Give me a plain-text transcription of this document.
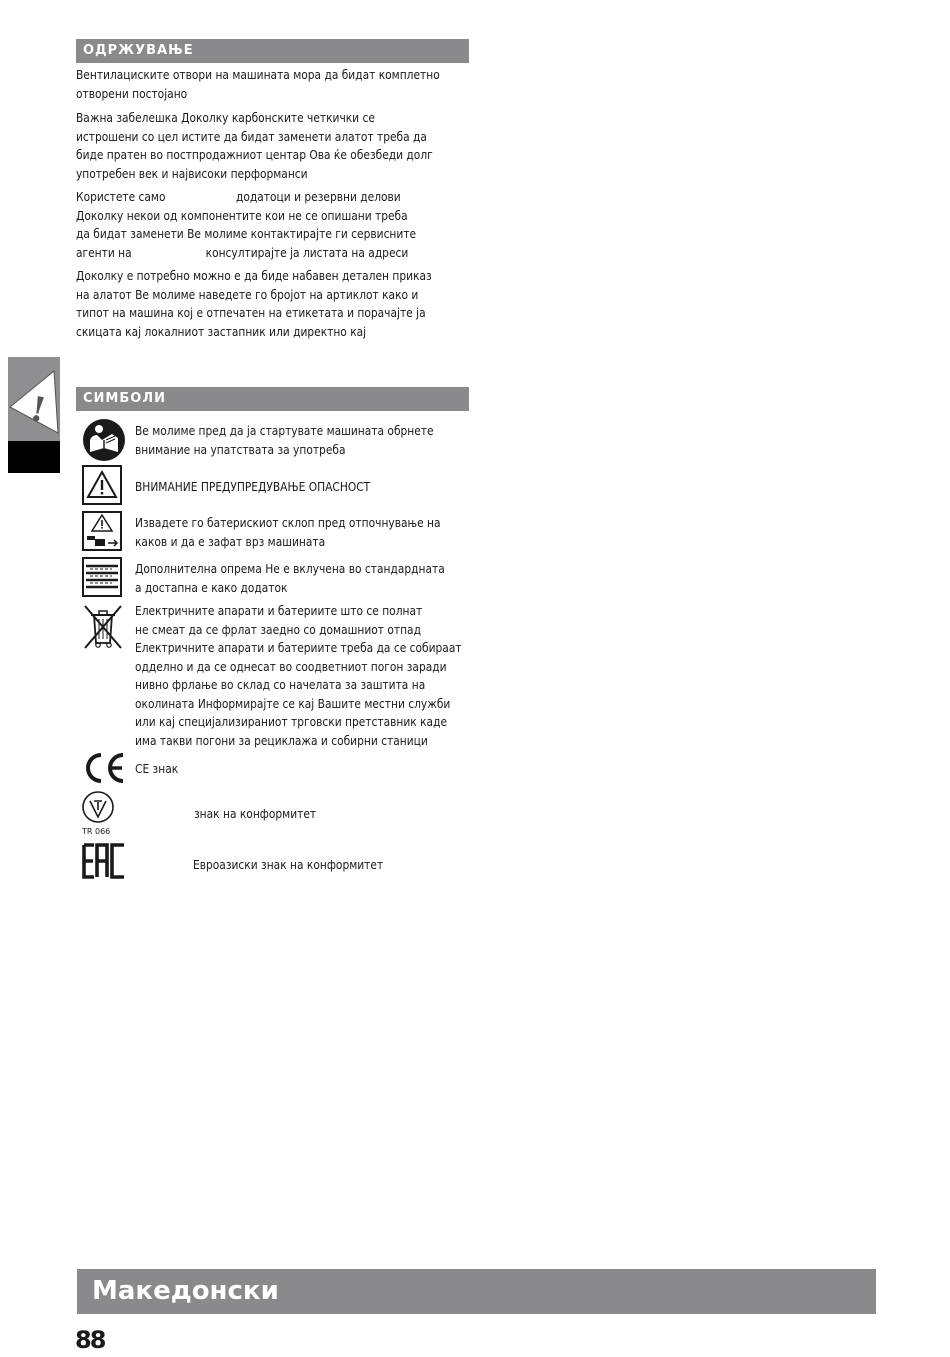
!
ОДРЖУВАЊЕ
Вентилациските отвори на машината мора да бидат комплетно
отворени постојано
Важна забелешка Доколку карбонските четкички се
истрошени со цел истите да бидат заменети алатот треба да
биде пратен во постпродажниот центар Ова ќе обезбеди долг
употребен век и највисоки перформанси
Користете само	додатоци и резервни делови
Доколку некои од компонентите кои не се опишани треба
да бидат заменети Ве молиме контактирајте ги сервисните
агенти на	консултирајте ја листата на адреси
Доколку е потребно можно е да биде набавен детален приказ
на алатот Ве молиме наведете го бројот на артиклот како и
типот на машина кој е отпечатен на етикетата и порачајте ја
скицата кај локалниот застапник или директно кај
СИМБОЛИ
Ве молиме пред да ја стартувате машината обрнете
внимание на упатствата за употреба
ВНИМАНИЕ ПРЕДУПРЕДУВАЊЕ ОПАСНОСТ
Извадете го батерискиот склоп пред отпочнување на
каков и да е зафат врз машината
Дополнителна опрема Не е вклучена во стандардната
а достапна е како додаток
Електричните апарати и батериите што се полнат
не смеат да се фрлат заедно со домашниот отпад
Електричните апарати и батериите треба да се собираат
одделно и да се однесат во соодветниот погон заради
нивно фрлање во склад со начелата за заштита на
околината Информирајте се кај Вашите местни служби
или кај специјализираниот трговски претставник каде
има такви погони за рециклажа и собирни станици
CE знак
TR 066
знак на конформитет
Евроазиски знак на конформитет
Македонски
88
